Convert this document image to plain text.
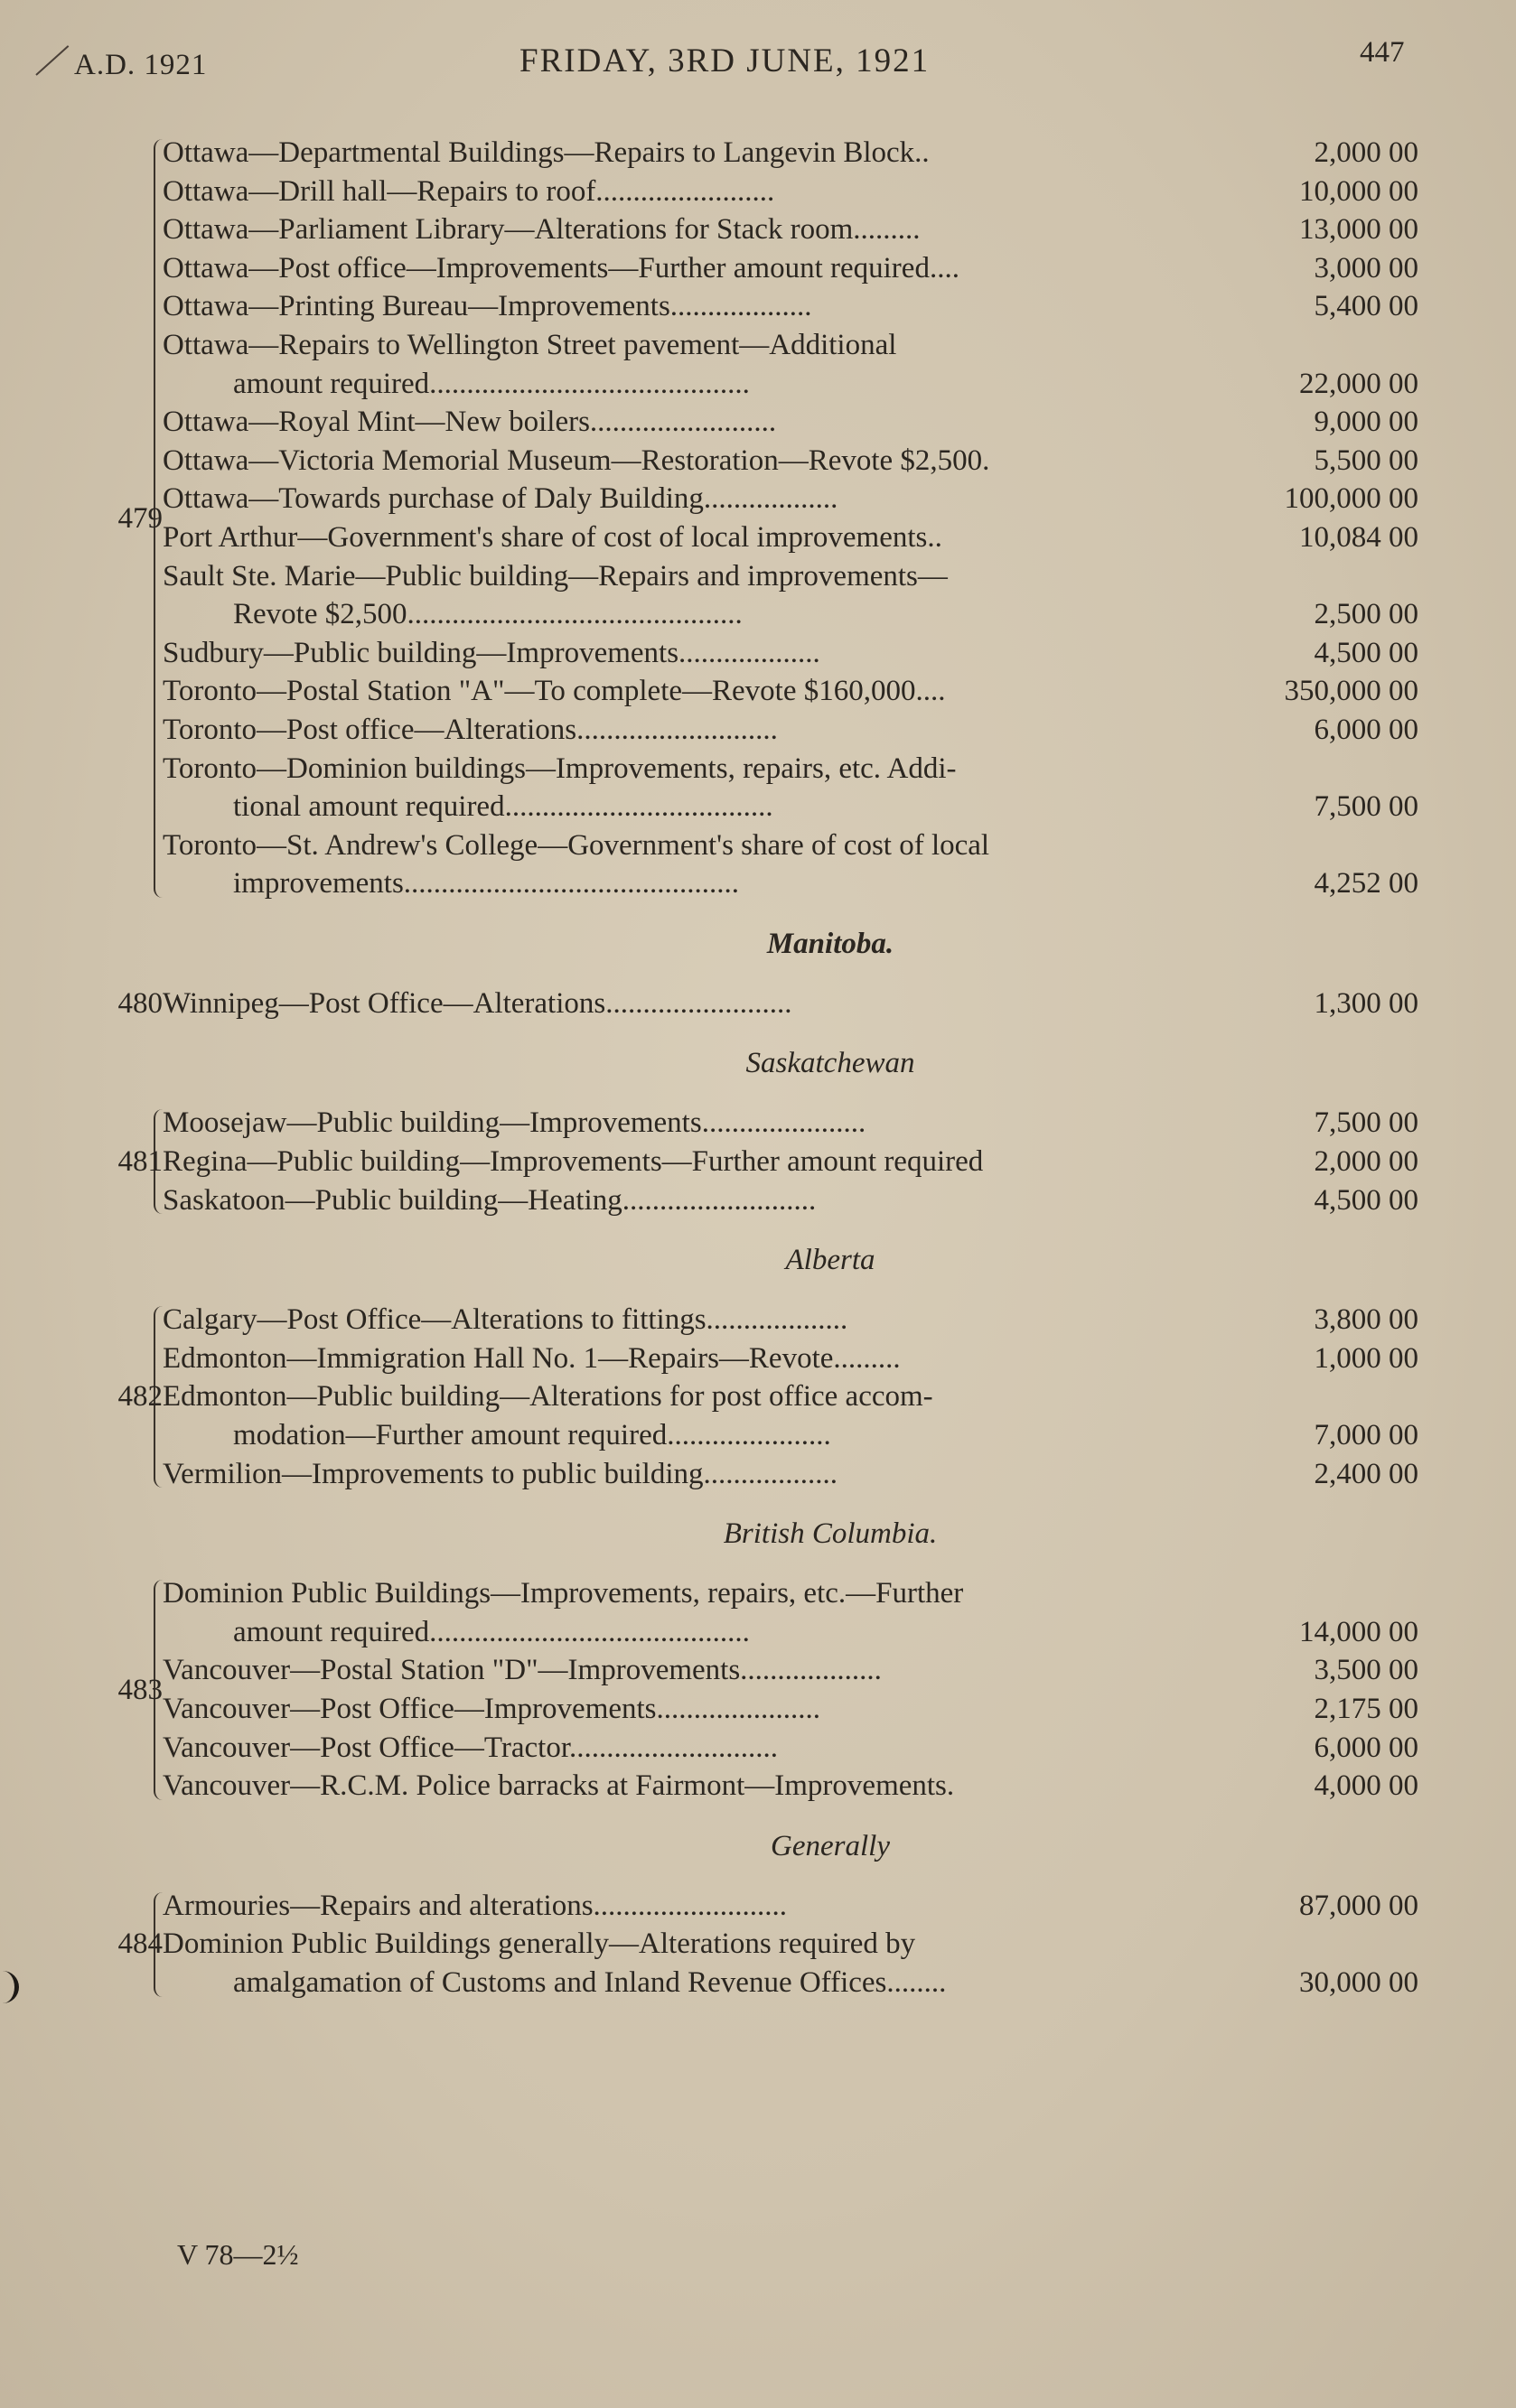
A.D. 1921	FRIDAY, 3RD JUNE, 1921	447
479
Ottawa—Departmental Buildings—Repairs to Langevin Block..	2,000 00
Ottawa—Drill hall—Repairs to roof........................	10,000 00
Ottawa—Parliament Library—Alterations for Stack room.........	13,000 00
Ottawa—Post office—Improvements—Further amount required....	3,000 00
Ottawa—Printing Bureau—Improvements...................	5,400 00
Ottawa—Repairs to Wellington Street pavement—Additional
amount required...........................................	22,000 00
Ottawa—Royal Mint—New boilers.........................	9,000 00
Ottawa—Victoria Memorial Museum—Restoration—Revote $2,500.	5,500 00
Ottawa—Towards purchase of Daly Building..................	100,000 00
Port Arthur—Government's share of cost of local improvements..	10,084 00
Sault Ste. Marie—Public building—Repairs and improvements—
Revote $2,500.............................................	2,500 00
Sudbury—Public building—Improvements...................	4,500 00
Toronto—Postal Station "A"—To complete—Revote $160,000....	350,000 00
Toronto—Post office—Alterations...........................	6,000 00
Toronto—Dominion buildings—Improvements, repairs, etc. Addi-
tional amount required....................................	7,500 00
Toronto—St. Andrew's College—Government's share of cost of local
improvements.............................................	4,252 00
Manitoba.
480 Winnipeg—Post Office—Alterations.........................	1,300 00
Saskatchewan
481
Moosejaw—Public building—Improvements......................	7,500 00
Regina—Public building—Improvements—Further amount required	2,000 00
Saskatoon—Public building—Heating..........................	4,500 00
Alberta
482
Calgary—Post Office—Alterations to fittings...................	3,800 00
Edmonton—Immigration Hall No. 1—Repairs—Revote.........	1,000 00
Edmonton—Public building—Alterations for post office accom-
modation—Further amount required......................	7,000 00
Vermilion—Improvements to public building..................	2,400 00
British Columbia.
483
Dominion Public Buildings—Improvements, repairs, etc.—Further
amount required...........................................	14,000 00
Vancouver—Postal Station "D"—Improvements...................	3,500 00
Vancouver—Post Office—Improvements......................	2,175 00
Vancouver—Post Office—Tractor............................	6,000 00
Vancouver—R.C.M. Police barracks at Fairmont—Improvements.	4,000 00
Generally
484
Armouries—Repairs and alterations..........................	87,000 00
Dominion Public Buildings generally—Alterations required by
amalgamation of Customs and Inland Revenue Offices........	30,000 00
V 78—2½
